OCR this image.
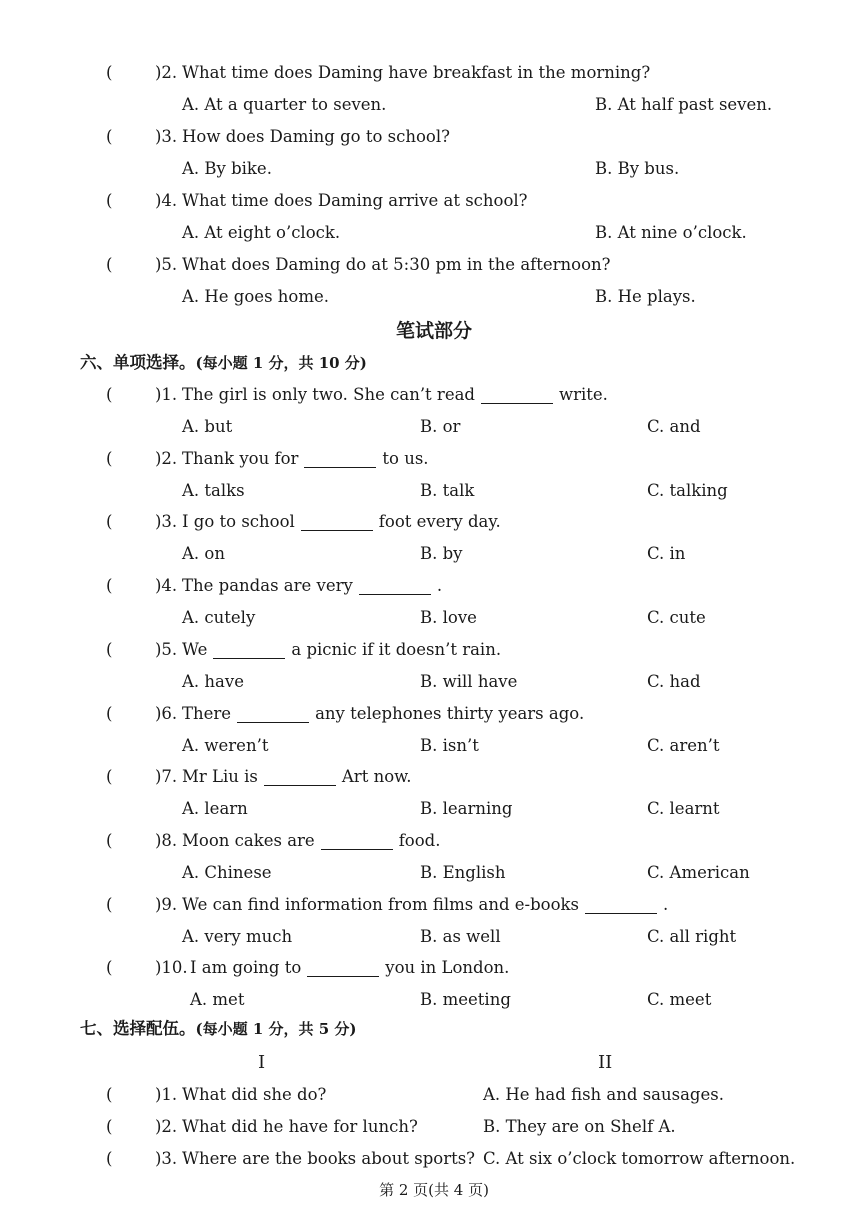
(	)2. What time does Daming have breakfast in the morning?
A. At a quarter to seven.	B. At half past seven.
(	)3. How does Daming go to school?
A. By bike.	B. By bus.
(	)4. What time does Daming arrive at school?
A. At eight o’clock.	B. At nine o’clock.
(	)5. What does Daming do at 5:30 pm in the afternoon?
A. He goes home.	B. He plays.
笔试部分
六、单项选择。(每小题 1 分，共 10 分)
(	)1. The girl is only two. She can’t read	write.
A. but	B. or	C. and
(	)2. Thank you for	to us.
A. talks	B. talk	C. talking
(	)3. I go to school	foot every day.
A. on	B. by	C. in
(	)4. The pandas are very	.
A. cutely	B. love	C. cute
(	)5. We	a picnic if it doesn’t rain.
A. have	B. will have	C. had
(	)6. There	any telephones thirty years ago.
A. weren’t	B. isn’t	C. aren’t
(	)7. Mr Liu is	Art now.
A. learn	B. learning	C. learnt
(	)8. Moon cakes are	food.
A. Chinese	B. English	C. American
(	)9. We can find information from films and e-books	.
A. very much	B. as well	C. all right
(	)10. I am going to	you in London.
A. met	B. meeting	C. meet
七、选择配伍。(每小题 1 分，共 5 分)
I	II
(	)1. What did she do?	A. He had fish and sausages.
(	)2. What did he have for lunch?	B. They are on Shelf A.
(	)3. Where are the books about sports? C. At six o’clock tomorrow afternoon.
第 2 页(共 4 页)
